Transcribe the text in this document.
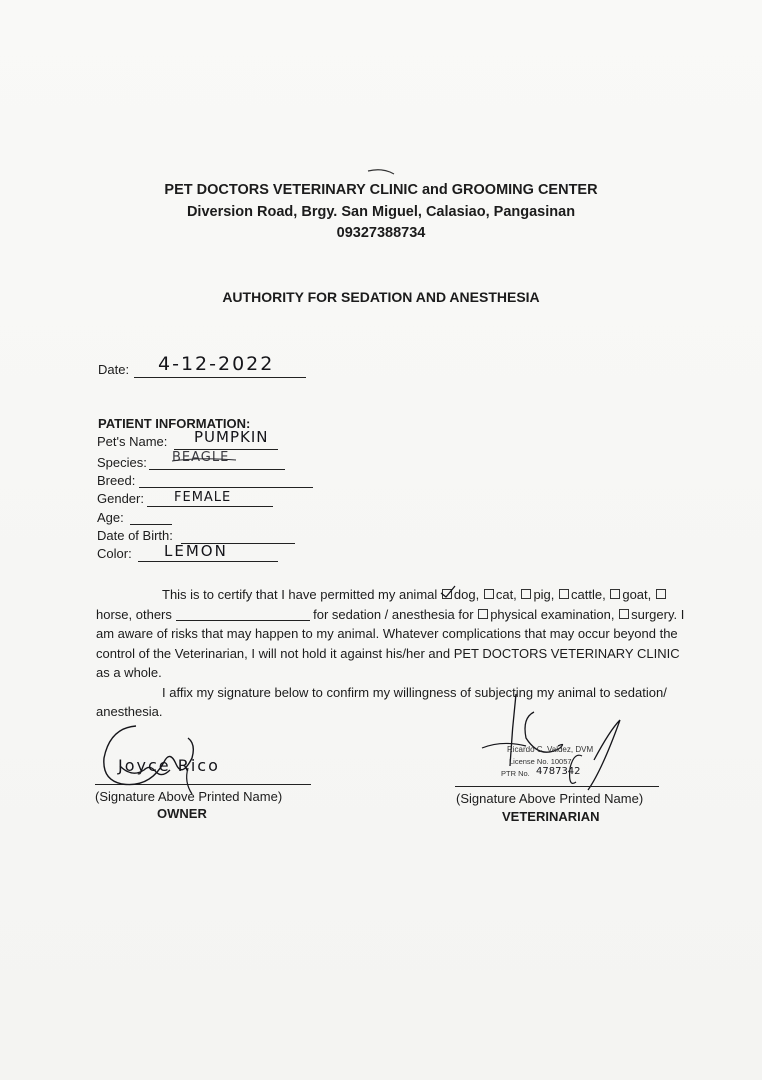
PET DOCTORS VETERINARY CLINIC and GROOMING CENTER
Diversion Road, Brgy. San Miguel, Calasiao, Pangasinan
09327388734
AUTHORITY FOR SEDATION AND ANESTHESIA
Date: 4-12-2022
PATIENT INFORMATION:
Pet's Name: PUMPKIN
Species: BEAGLE
Breed:
Gender: FEMALE
Age:
Date of Birth:
Color: LEMON

This is to certify that I have permitted my animal dog, cat, pig, cattle, goat, horse, others	for sedation / anesthesia for physical examination, surgery. I am aware of risks that may happen to my animal. Whatever complications that may occur beyond the control of the Veterinarian, I will not hold it against his/her and PET DOCTORS VETERINARY CLINIC as a whole.

I affix my signature below to confirm my willingness of subjecting my animal to sedation/ anesthesia.

Joyce Rico
(Signature Above Printed Name)
OWNER
Ricardo C. Valdez, DVM
License No. 10057
PTR No. 4787342
(Signature Above Printed Name)
VETERINARIAN
